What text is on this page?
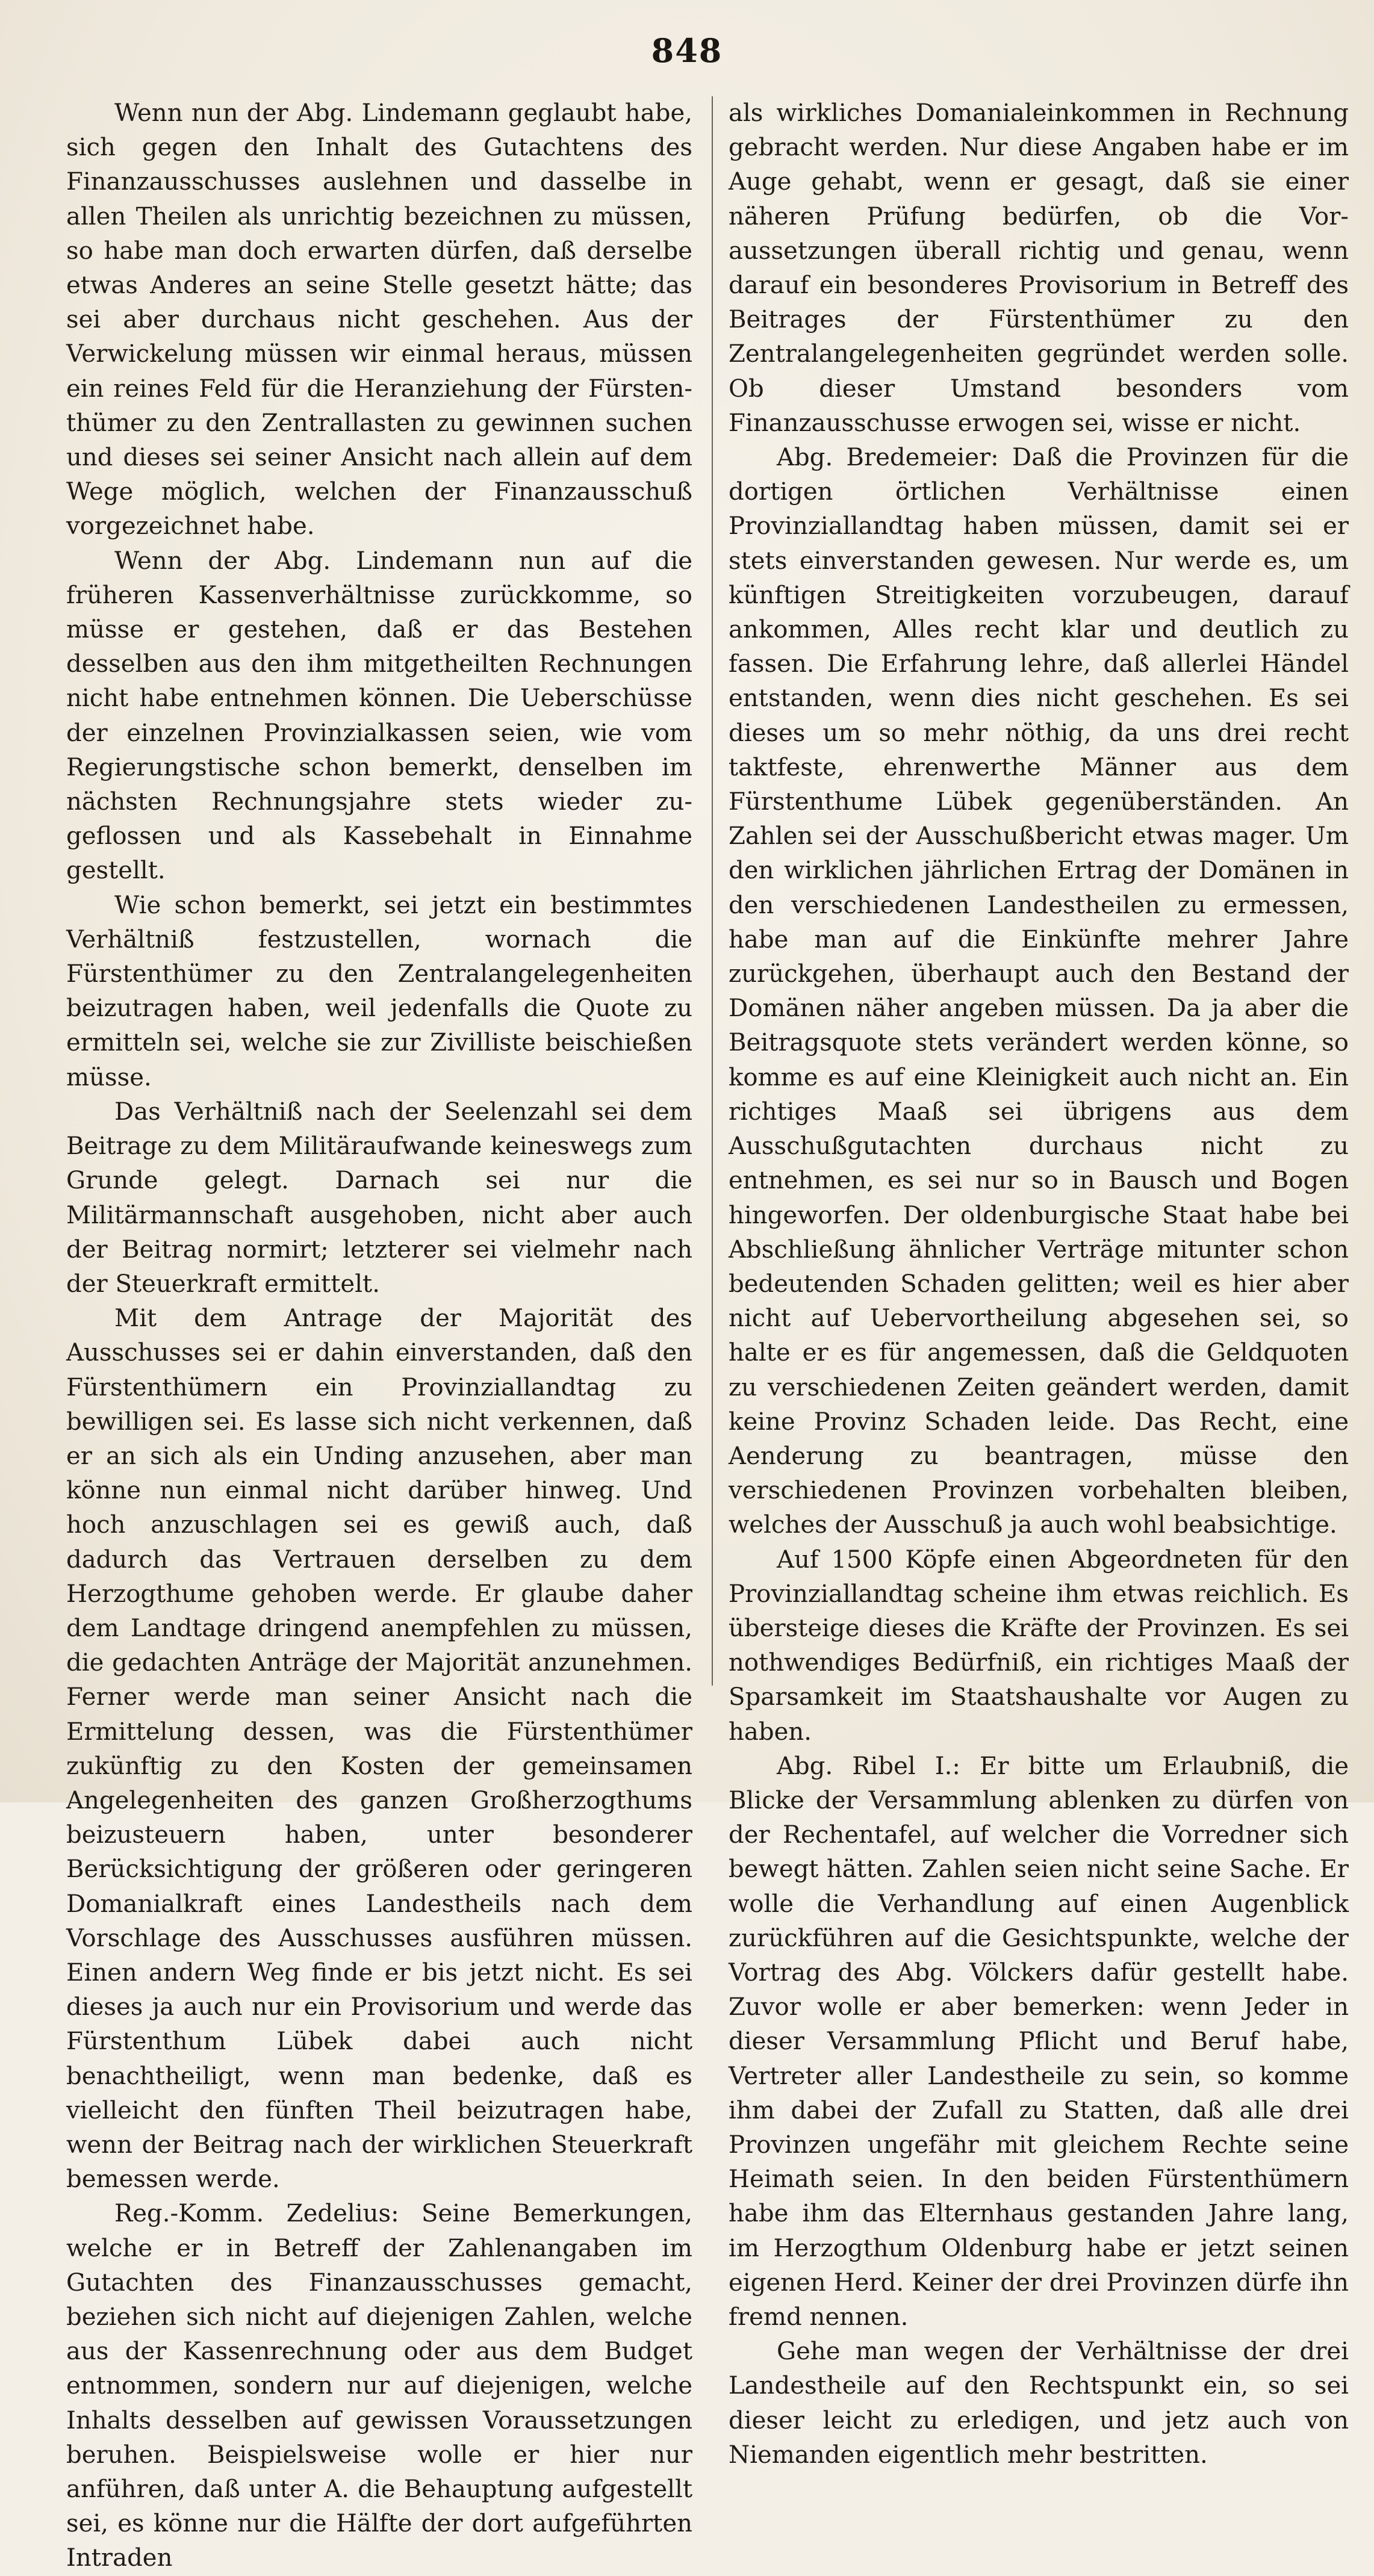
848

Wenn nun der Abg. Lindemann geglaubt habe, sich gegen den Inhalt des Gutachtens des Finanzausschusses auslehnen und dasselbe in allen Theilen als unrichtig bezeichnen zu müssen, so habe man doch erwarten dürfen, daß derselbe etwas Anderes an seine Stelle gesetzt hätte; das sei aber durchaus nicht geschehen. Aus der Verwickelung müssen wir einmal heraus, müssen ein reines Feld für die Heranziehung der Fürstenthümer zu den Zentrallasten zu gewinnen suchen und dieses sei seiner Ansicht nach allein auf dem Wege möglich, welchen der Finanzausschuß vorgezeichnet habe.

Wenn der Abg. Lindemann nun auf die früheren Kassenverhältnisse zurückkomme, so müsse er gestehen, daß er das Bestehen desselben aus den ihm mitgetheilten Rechnungen nicht habe entnehmen können. Die Ueberschüsse der einzelnen Provinzialkassen seien, wie vom Regierungstische schon bemerkt, denselben im nächsten Rechnungsjahre stets wieder zugeflossen und als Kassebehalt in Einnahme gestellt.

Wie schon bemerkt, sei jetzt ein bestimmtes Verhältniß festzustellen, wornach die Fürstenthümer zu den Zentralangelegenheiten beizutragen haben, weil jedenfalls die Quote zu ermitteln sei, welche sie zur Zivilliste beischießen müsse.

Das Verhältniß nach der Seelenzahl sei dem Beitrage zu dem Militäraufwande keineswegs zum Grunde gelegt. Darnach sei nur die Militärmannschaft ausgehoben, nicht aber auch der Beitrag normirt; letzterer sei vielmehr nach der Steuerkraft ermittelt.

Mit dem Antrage der Majorität des Ausschusses sei er dahin einverstanden, daß den Fürstenthümern ein Provinziallandtag zu bewilligen sei. Es lasse sich nicht verkennen, daß er an sich als ein Unding anzusehen, aber man könne nun einmal nicht darüber hinweg. Und hoch anzuschlagen sei es gewiß auch, daß dadurch das Vertrauen derselben zu dem Herzogthume gehoben werde. Er glaube daher dem Landtage dringend anempfehlen zu müssen, die gedachten Anträge der Majorität anzunehmen. Ferner werde man seiner Ansicht nach die Ermittelung dessen, was die Fürstenthümer zukünftig zu den Kosten der gemeinsamen Angelegenheiten des ganzen Großherzogthums beizusteuern haben, unter besonderer Berücksichtigung der größeren oder geringeren Domanialkraft eines Landestheils nach dem Vorschlage des Ausschusses ausführen müssen. Einen andern Weg finde er bis jetzt nicht. Es sei dieses ja auch nur ein Provisorium und werde das Fürstenthum Lübek dabei auch nicht benachtheiligt, wenn man bedenke, daß es vielleicht den fünften Theil beizutragen habe, wenn der Beitrag nach der wirklichen Steuerkraft bemessen werde.

Reg.-Komm. Zedelius: Seine Bemerkungen, welche er in Betreff der Zahlenangaben im Gutachten des Finanzausschusses gemacht, beziehen sich nicht auf diejenigen Zahlen, welche aus der Kassenrechnung oder aus dem Budget entnommen, sondern nur auf diejenigen, welche Inhalts desselben auf gewissen Voraussetzungen beruhen. Beispielsweise wolle er hier nur anführen, daß unter A. die Behauptung aufgestellt sei, es könne nur die Hälfte der dort aufgeführten Intraden

als wirkliches Domanialeinkommen in Rechnung gebracht werden. Nur diese Angaben habe er im Auge gehabt, wenn er gesagt, daß sie einer näheren Prüfung bedürfen, ob die Voraussetzungen überall richtig und genau, wenn darauf ein besonderes Provisorium in Betreff des Beitrages der Fürstenthümer zu den Zentralangelegenheiten gegründet werden solle. Ob dieser Umstand besonders vom Finanzausschusse erwogen sei, wisse er nicht.

Abg. Bredemeier: Daß die Provinzen für die dortigen örtlichen Verhältnisse einen Provinziallandtag haben müssen, damit sei er stets einverstanden gewesen. Nur werde es, um künftigen Streitigkeiten vorzubeugen, darauf ankommen, Alles recht klar und deutlich zu fassen. Die Erfahrung lehre, daß allerlei Händel entstanden, wenn dies nicht geschehen. Es sei dieses um so mehr nöthig, da uns drei recht taktfeste, ehrenwerthe Männer aus dem Fürstenthume Lübek gegenüberständen. An Zahlen sei der Ausschußbericht etwas mager. Um den wirklichen jährlichen Ertrag der Domänen in den verschiedenen Landestheilen zu ermessen, habe man auf die Einkünfte mehrer Jahre zurückgehen, überhaupt auch den Bestand der Domänen näher angeben müssen. Da ja aber die Beitragsquote stets verändert werden könne, so komme es auf eine Kleinigkeit auch nicht an. Ein richtiges Maaß sei übrigens aus dem Ausschußgutachten durchaus nicht zu entnehmen, es sei nur so in Bausch und Bogen hingeworfen. Der oldenburgische Staat habe bei Abschließung ähnlicher Verträge mitunter schon bedeutenden Schaden gelitten; weil es hier aber nicht auf Uebervortheilung abgesehen sei, so halte er es für angemessen, daß die Geldquoten zu verschiedenen Zeiten geändert werden, damit keine Provinz Schaden leide. Das Recht, eine Aenderung zu beantragen, müsse den verschiedenen Provinzen vorbehalten bleiben, welches der Ausschuß ja auch wohl beabsichtige.

Auf 1500 Köpfe einen Abgeordneten für den Provinziallandtag scheine ihm etwas reichlich. Es übersteige dieses die Kräfte der Provinzen. Es sei nothwendiges Bedürfniß, ein richtiges Maaß der Sparsamkeit im Staatshaushalte vor Augen zu haben.

Abg. Ribel I.: Er bitte um Erlaubniß, die Blicke der Versammlung ablenken zu dürfen von der Rechentafel, auf welcher die Vorredner sich bewegt hätten. Zahlen seien nicht seine Sache. Er wolle die Verhandlung auf einen Augenblick zurückführen auf die Gesichtspunkte, welche der Vortrag des Abg. Völckers dafür gestellt habe. Zuvor wolle er aber bemerken: wenn Jeder in dieser Versammlung Pflicht und Beruf habe, Vertreter aller Landestheile zu sein, so komme ihm dabei der Zufall zu Statten, daß alle drei Provinzen ungefähr mit gleichem Rechte seine Heimath seien. In den beiden Fürstenthümern habe ihm das Elternhaus gestanden Jahre lang, im Herzogthum Oldenburg habe er jetzt seinen eigenen Herd. Keiner der drei Provinzen dürfe ihn fremd nennen.

Gehe man wegen der Verhältnisse der drei Landestheile auf den Rechtspunkt ein, so sei dieser leicht zu erledigen, und jetz auch von Niemanden eigentlich mehr bestritten.
